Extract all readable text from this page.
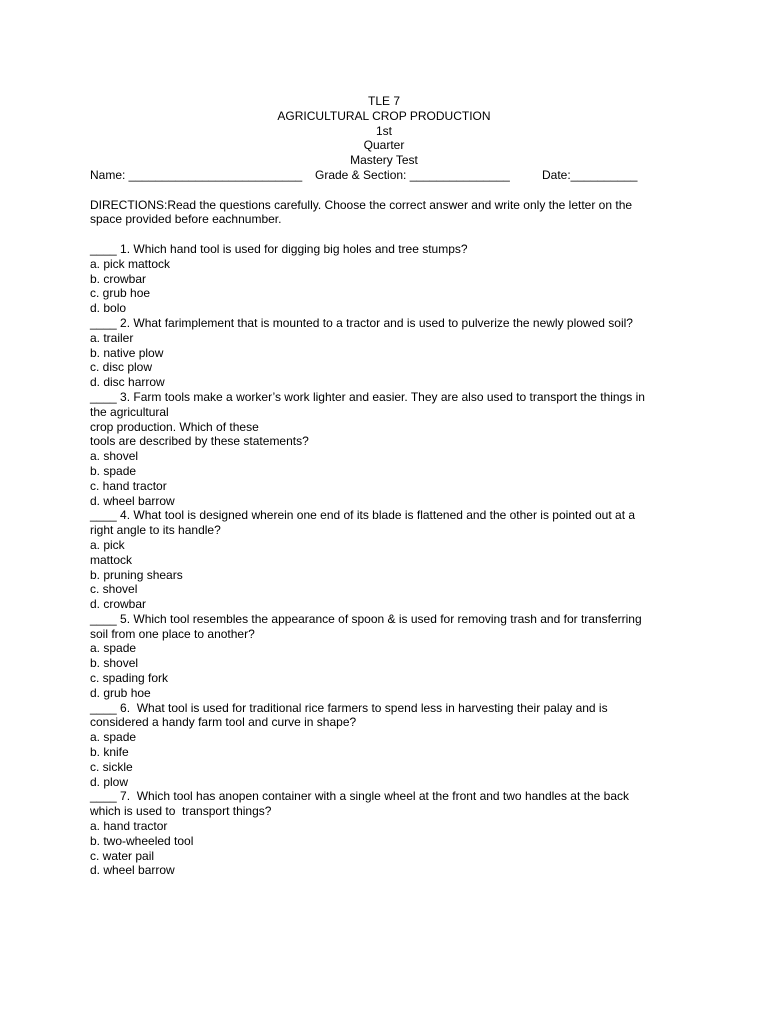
TLE 7
AGRICULTURAL CROP PRODUCTION
1st
Quarter
Mastery Test
Name: __________________________	Grade & Section: _______________	Date:__________
DIRECTIONS:Read the questions carefully. Choose the correct answer and write only the letter on the
space provided before eachnumber.
____ 1. Which hand tool is used for digging big holes and tree stumps?
a. pick mattock
b. crowbar
c. grub hoe
d. bolo
____ 2. What farimplement that is mounted to a tractor and is used to pulverize the newly plowed soil?
a. trailer
b. native plow
c. disc plow
d. disc harrow
____ 3. Farm tools make a worker’s work lighter and easier. They are also used to transport the things in
the agricultural
crop production. Which of these
tools are described by these statements?
a. shovel
b. spade
c. hand tractor
d. wheel barrow
____ 4. What tool is designed wherein one end of its blade is flattened and the other is pointed out at a
right angle to its handle?
a. pick
mattock
b. pruning shears
c. shovel
d. crowbar
____ 5. Which tool resembles the appearance of spoon & is used for removing trash and for transferring
soil from one place to another?
a. spade
b. shovel
c. spading fork
d. grub hoe
____ 6.  What tool is used for traditional rice farmers to spend less in harvesting their palay and is
considered a handy farm tool and curve in shape?
a. spade
b. knife
c. sickle
d. plow
____ 7.  Which tool has anopen container with a single wheel at the front and two handles at the back
which is used to  transport things?
a. hand tractor
b. two-wheeled tool
c. water pail
d. wheel barrow
